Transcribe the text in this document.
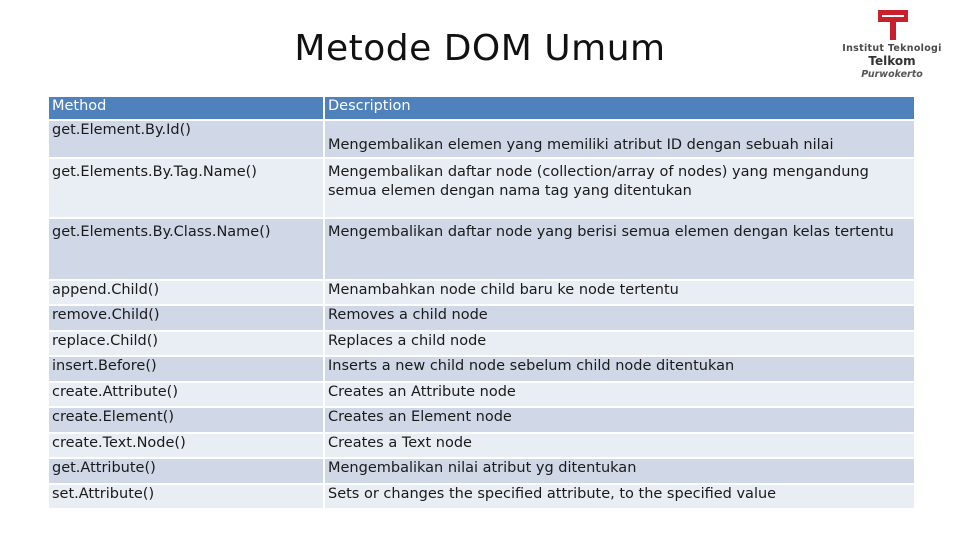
Metode DOM Umum	Institut Teknologi
Telkom
Purwokerto
Method	Description
get.Element.By.Id()	Mengembalikan elemen yang memiliki atribut ID dengan sebuah nilai
get.Elements.By.Tag.Name()	Mengembalikan daftar node (collection/array of nodes) yang mengandung semua elemen dengan nama tag yang ditentukan
get.Elements.By.Class.Name()	Mengembalikan daftar node yang berisi semua elemen dengan kelas tertentu
append.Child()	Menambahkan node child baru ke node tertentu
remove.Child()	Removes a child node
replace.Child()	Replaces a child node
insert.Before()	Inserts a new child node sebelum child node ditentukan
create.Attribute()	Creates an Attribute node
create.Element()	Creates an Element node
create.Text.Node()	Creates a Text node
get.Attribute()	Mengembalikan nilai atribut yg ditentukan
set.Attribute()	Sets or changes the specified attribute, to the specified value
